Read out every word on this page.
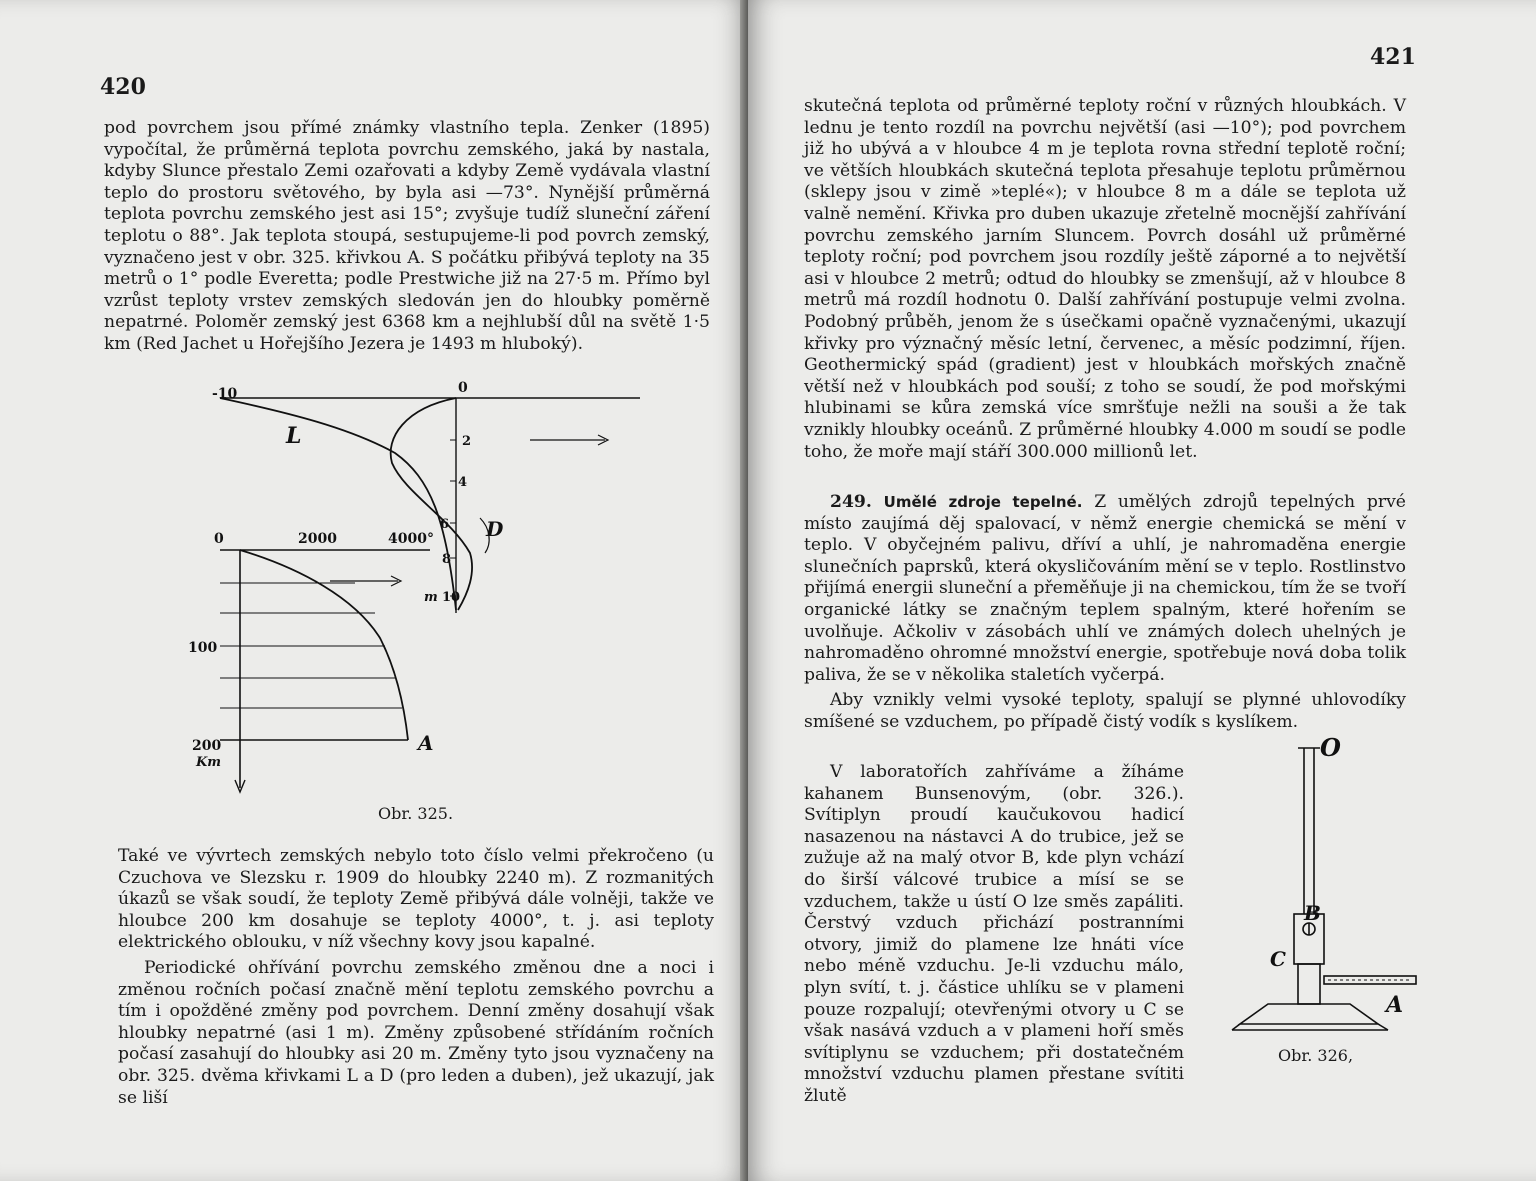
420

pod povrchem jsou přímé známky vlastního tepla. Zenker (1895) vypočítal, že průměrná teplota povrchu zemského, jaká by nastala, kdyby Slunce přestalo Zemi ozařovati a kdyby Země vydávala vlastní teplo do prostoru světového, by byla asi —73°. Nynější průměrná teplota povrchu zemského jest asi 15°; zvyšuje tudíž sluneční záření teplotu o 88°. Jak teplota stoupá, sestupujeme-li pod povrch zemský, vyznačeno jest v obr. 325. křivkou A. S počátku přibývá teploty na 35 metrů o 1° podle Everetta; podle Prestwiche již na 27·5 m. Přímo byl vzrůst teploty vrstev zemských sledován jen do hloubky poměrně nepatrné. Poloměr zemský jest 6368 km a nejhlubší důl na světě 1·5 km (Red Jachet u Hořejšího Jezera je 1493 m hluboký).

-10	0
2
4
6
8
10
m
L
D
A
0	2000	4000°
100
200
Km
Obr. 325.

Také ve vývrtech zemských nebylo toto číslo velmi překročeno (u Czuchova ve Slezsku r. 1909 do hloubky 2240 m). Z rozmanitých úkazů se však soudí, že teploty Země přibývá dále volněji, takže ve hloubce 200 km dosahuje se teploty 4000°, t. j. asi teploty elektrického oblouku, v níž všechny kovy jsou kapalné.

Periodické ohřívání povrchu zemského změnou dne a noci i změnou ročních počasí značně mění teplotu zemského povrchu a tím i opožděné změny pod povrchem. Denní změny dosahují však hloubky nepatrné (asi 1 m). Změny způsobené střídáním ročních počasí zasahují do hloubky asi 20 m. Změny tyto jsou vyznačeny na obr. 325. dvěma křivkami L a D (pro leden a duben), jež ukazují, jak se liší

421

skutečná teplota od průměrné teploty roční v různých hloubkách. V lednu je tento rozdíl na povrchu největší (asi —10°); pod povrchem již ho ubývá a v hloubce 4 m je teplota rovna střední teplotě roční; ve větších hloubkách skutečná teplota přesahuje teplotu průměrnou (sklepy jsou v zimě »teplé«); v hloubce 8 m a dále se teplota už valně nemění. Křivka pro duben ukazuje zřetelně mocnější zahřívání povrchu zemského jarním Sluncem. Povrch dosáhl už průměrné teploty roční; pod povrchem jsou rozdíly ještě záporné a to největší asi v hloubce 2 metrů; odtud do hloubky se zmenšují, až v hloubce 8 metrů má rozdíl hodnotu 0. Další zahřívání postupuje velmi zvolna. Podobný průběh, jenom že s úsečkami opačně vyznačenými, ukazují křivky pro význačný měsíc letní, červenec, a měsíc podzimní, říjen. Geothermický spád (gradient) jest v hloubkách mořských značně větší než v hloubkách pod souší; z toho se soudí, že pod mořskými hlubinami se kůra zemská více smršťuje nežli na souši a že tak vznikly hloubky oceánů. Z průměrné hloubky 4.000 m soudí se podle toho, že moře mají stáří 300.000 millionů let.

249. Umělé zdroje tepelné. Z umělých zdrojů tepelných prvé místo zaujímá děj spalovací, v němž energie chemická se mění v teplo. V obyčejném palivu, dříví a uhlí, je nahromaděna energie slunečních paprsků, která okysličováním mění se v teplo. Rostlinstvo přijímá energii sluneční a přeměňuje ji na chemickou, tím že se tvoří organické látky se značným teplem spalným, které hořením se uvolňuje. Ačkoliv v zásobách uhlí ve známých dolech uhelných je nahromaděno ohromné množství energie, spotřebuje nová doba tolik paliva, že se v několika staletích vyčerpá.

Aby vznikly velmi vysoké teploty, spalují se plynné uhlovodíky smíšené se vzduchem, po případě čistý vodík s kyslíkem.

V laboratořích zahříváme a žíháme kahanem Bunsenovým, (obr. 326.). Svítiplyn proudí kaučukovou hadicí nasazenou na nástavci A do trubice, jež se zužuje až na malý otvor B, kde plyn vchází do širší válcové trubice a mísí se se vzduchem, takže u ústí O lze směs zapáliti. Čerstvý vzduch přichází postranními otvory, jimiž do plamene lze hnáti více nebo méně vzduchu. Je-li vzduchu málo, plyn svítí, t. j. částice uhlíku se v plameni pouze rozpalují; otevřenými otvory u C se však nasává vzduch a v plameni hoří směs svítiplynu se vzduchem; při dostatečném množství vzduchu plamen přestane svítiti žlutě

O
B
C
A
Obr. 326,
